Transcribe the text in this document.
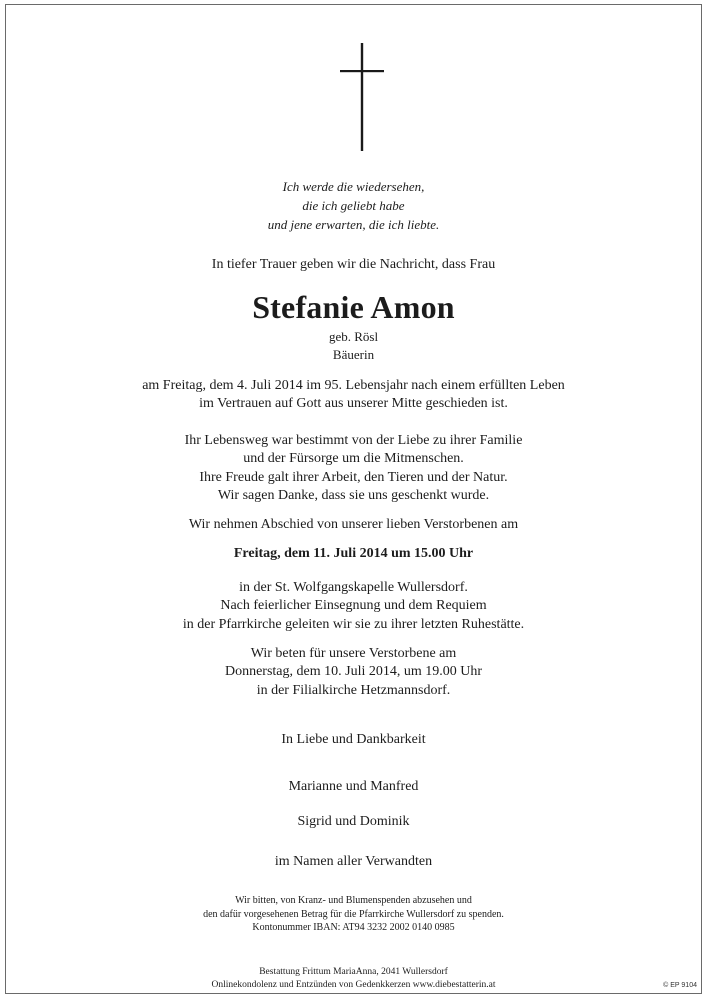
Ich werde die wiedersehen,
die ich geliebt habe
und jene erwarten, die ich liebte.
In tiefer Trauer geben wir die Nachricht, dass Frau
Stefanie Amon
geb. Rösl
Bäuerin
am Freitag, dem 4. Juli 2014 im 95. Lebensjahr nach einem erfüllten Leben
im Vertrauen auf Gott aus unserer Mitte geschieden ist.
Ihr Lebensweg war bestimmt von der Liebe zu ihrer Familie
und der Fürsorge um die Mitmenschen.
Ihre Freude galt ihrer Arbeit, den Tieren und der Natur.
Wir sagen Danke, dass sie uns geschenkt wurde.
Wir nehmen Abschied von unserer lieben Verstorbenen am
Freitag, dem 11. Juli 2014 um 15.00 Uhr
in der St. Wolfgangskapelle Wullersdorf.
Nach feierlicher Einsegnung und dem Requiem
in der Pfarrkirche geleiten wir sie zu ihrer letzten Ruhestätte.
Wir beten für unsere Verstorbene am
Donnerstag, dem 10. Juli 2014, um 19.00 Uhr
in der Filialkirche Hetzmannsdorf.
In Liebe und Dankbarkeit
Marianne und Manfred
Sigrid und Dominik
im Namen aller Verwandten
Wir bitten, von Kranz- und Blumenspenden abzusehen und
den dafür vorgesehenen Betrag für die Pfarrkirche Wullersdorf zu spenden.
Kontonummer IBAN: AT94 3232 2002 0140 0985
Bestattung Frittum MariaAnna, 2041 Wullersdorf
Onlinekondolenz und Entzünden von Gedenkkerzen www.diebestatterin.at	© EP 9104
